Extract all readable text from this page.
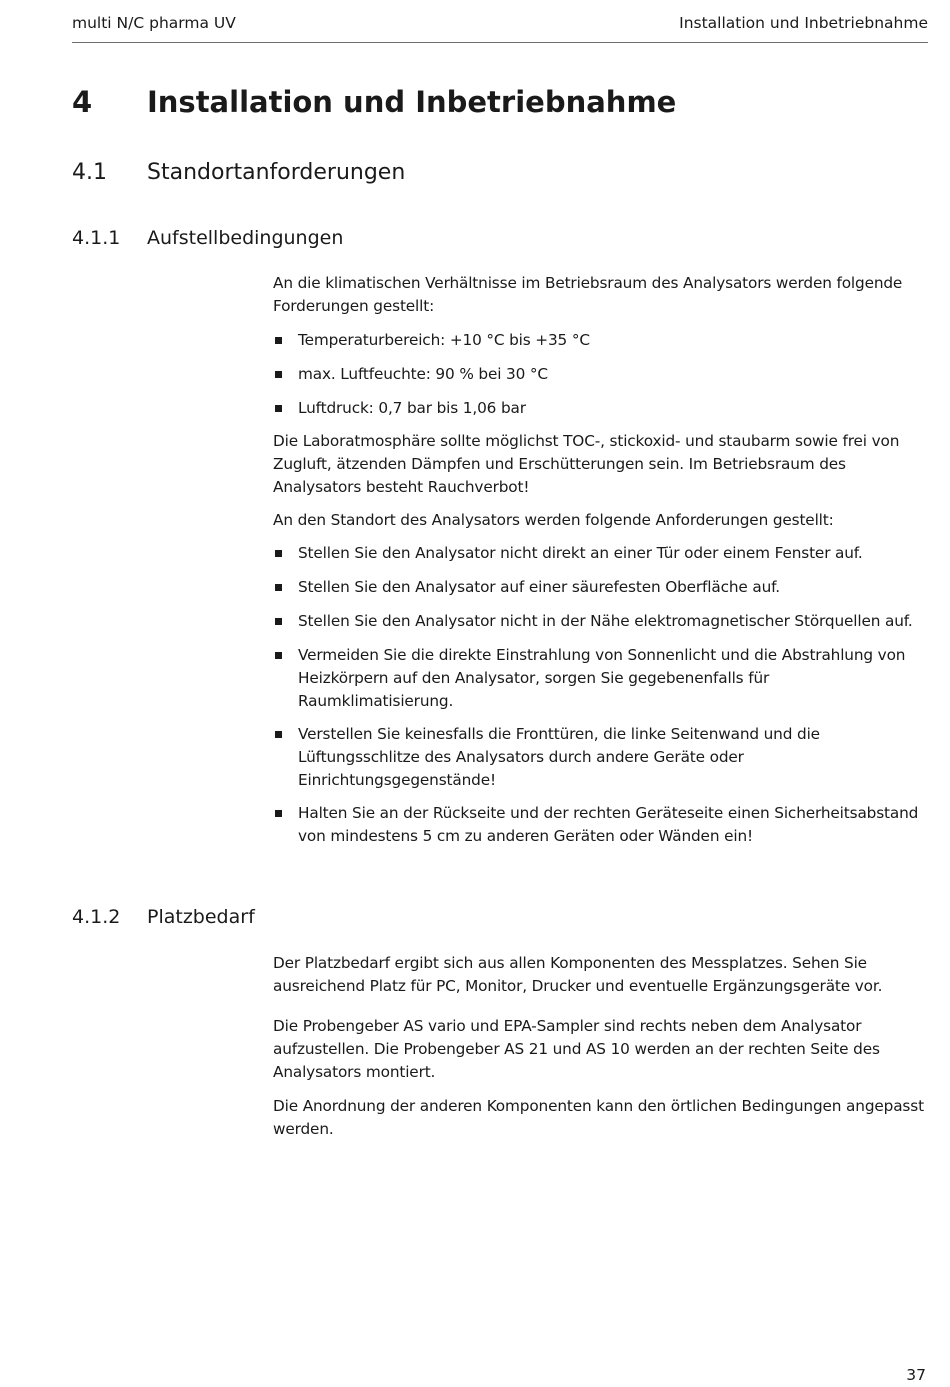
multi N/C pharma UV	Installation und Inbetriebnahme
4 Installation und Inbetriebnahme
4.1 Standortanforderungen
4.1.1 Aufstellbedingungen

An die klimatischen Verhältnisse im Betriebsraum des Analysators werden folgende Forderungen gestellt:

Temperaturbereich: +10 °C bis +35 °C
max. Luftfeuchte: 90 % bei 30 °C
Luftdruck: 0,7 bar bis 1,06 bar

Die Laboratmosphäre sollte möglichst TOC-, stickoxid- und staubarm sowie frei von Zugluft, ätzenden Dämpfen und Erschütterungen sein. Im Betriebsraum des Analysators besteht Rauchverbot!

An den Standort des Analysators werden folgende Anforderungen gestellt:

Stellen Sie den Analysator nicht direkt an einer Tür oder einem Fenster auf.
Stellen Sie den Analysator auf einer säurefesten Oberfläche auf.
Stellen Sie den Analysator nicht in der Nähe elektromagnetischer Störquellen auf.
Vermeiden Sie die direkte Einstrahlung von Sonnenlicht und die Abstrahlung von Heizkörpern auf den Analysator, sorgen Sie gegebenenfalls für Raumklimatisierung.
Verstellen Sie keinesfalls die Fronttüren, die linke Seitenwand und die Lüftungsschlitze des Analysators durch andere Geräte oder Einrichtungsgegenstände!
Halten Sie an der Rückseite und der rechten Geräteseite einen Sicherheitsabstand von mindestens 5 cm zu anderen Geräten oder Wänden ein!
4.1.2 Platzbedarf

Der Platzbedarf ergibt sich aus allen Komponenten des Messplatzes. Sehen Sie ausreichend Platz für PC, Monitor, Drucker und eventuelle Ergänzungsgeräte vor.

Die Probengeber AS vario und EPA-Sampler sind rechts neben dem Analysator aufzustellen. Die Probengeber AS 21 und AS 10 werden an der rechten Seite des Analysators montiert.

Die Anordnung der anderen Komponenten kann den örtlichen Bedingungen angepasst werden.

37
